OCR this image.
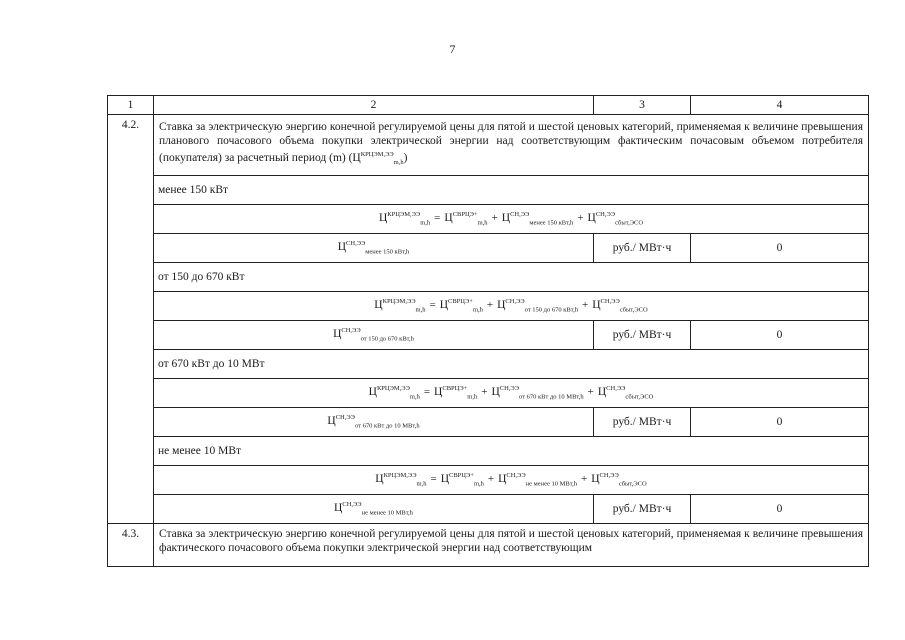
7
1	2	3	4
4.2.	Ставка за электрическую энергию конечной регулируемой цены для пятой и шестой ценовых категорий, применяемая к величине превышения планового почасового объема покупки электрической энергии над соответствующим фактическим почасовым объемом потребителя (покупателя) за расчетный период (m) $(Ц^{КРЦЭМ,ЭЭ}_{m,h})$		
	менее 150 кВт		
	$Ц^{КРЦЭМ,ЭЭ}_{m,h} = Ц^{СВРЦЭ+}_{m,h} + Ц^{СН,ЭЭ}_{менее 150 кВт,h} + Ц^{СН,ЭЭ}_{сбыт,ЭСО}$
	$Ц^{СН,ЭЭ}_{менее 150 кВт,h}$	руб./ МВт·ч	0
	от 150 до 670 кВт		
	$Ц^{КРЦЭМ,ЭЭ}_{m,h} = Ц^{СВРЦЭ+}_{m,h} + Ц^{СН,ЭЭ}_{от 150 до 670 кВт,h} + Ц^{СН,ЭЭ}_{сбыт,ЭСО}$
	$Ц^{СН,ЭЭ}_{от 150 до 670 кВт,h}$	руб./ МВт·ч	0
	от 670 кВт до 10 МВт		
	$Ц^{КРЦЭМ,ЭЭ}_{m,h} = Ц^{СВРЦЭ+}_{m,h} + Ц^{СН,ЭЭ}_{от 670 кВт до 10 МВт,h} + Ц^{СН,ЭЭ}_{сбыт,ЭСО}$
	$Ц^{СН,ЭЭ}_{от 670 кВт до 10 МВт,h}$	руб./ МВт·ч	0
	не менее 10 МВт		
	$Ц^{КРЦЭМ,ЭЭ}_{m,h} = Ц^{СВРЦЭ+}_{m,h} + Ц^{СН,ЭЭ}_{не менее 10 МВт,h} + Ц^{СН,ЭЭ}_{сбыт,ЭСО}$
	$Ц^{СН,ЭЭ}_{не менее 10 МВт,h}$	руб./ МВт·ч	0
4.3.	Ставка за электрическую энергию конечной регулируемой цены для пятой и шестой ценовых категорий, применяемая к величине превышения фактического почасового объема покупки электрической энергии над соответствующим		
